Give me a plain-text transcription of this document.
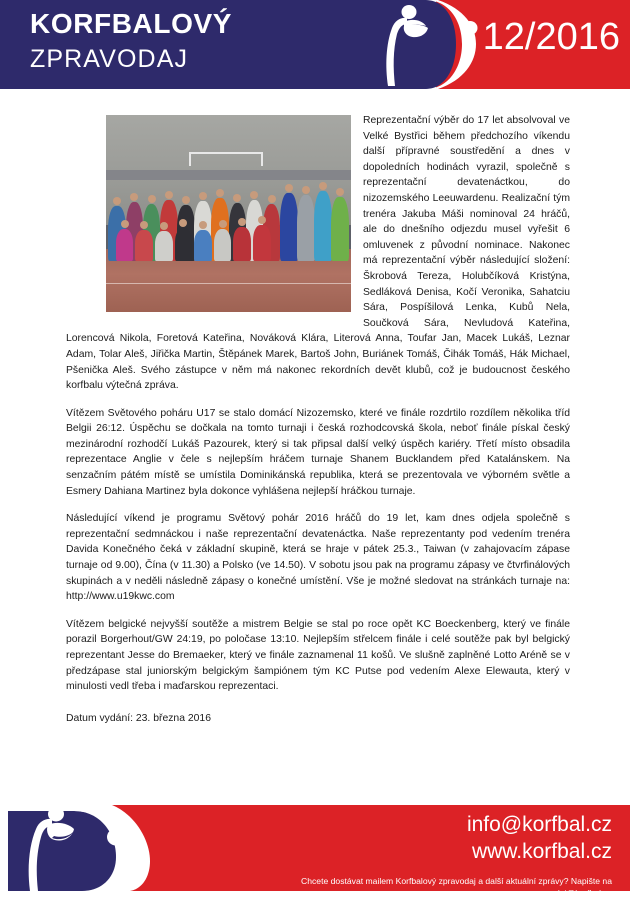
KORFBALOVÝ
ZPRAVODAJ
12/2016

Reprezentační výběr do 17 let absolvoval ve Velké Bystřici během předchozího víkendu další přípravné soustředění a dnes v dopoledních hodinách vyrazil, společně s reprezentační devatenáctkou, do nizozemského Leeuwardenu. Realizační tým trenéra Jakuba Máši nominoval 24 hráčů, ale do dnešního odjezdu musel vyřešit 6 omluvenek z původní nominace. Nakonec má reprezentační výběr následující složení: Škrobová Tereza, Holubčíková Kristýna, Sedláková Denisa, Kočí Veronika, Sahatciu Sára, Pospíšilová Lenka, Kubů Nela, Součková Sára, Nevludová Kateřina, Lorencová Nikola, Foretová Kateřina, Nováková Klára, Literová Anna, Toufar Jan, Macek Lukáš, Leznar Adam, Tolar Aleš, Jiřička Martin, Štěpánek Marek, Bartoš John, Buriánek Tomáš, Čihák Tomáš, Hák Michael, Pšenička Aleš. Svého zástupce v něm má nakonec rekordních devět klubů, což je budoucnost českého korfbalu výtečná zpráva.

Vítězem Světového poháru U17 se stalo domácí Nizozemsko, které ve finále rozdrtilo rozdílem několika tříd Belgii 26:12. Úspěchu se dočkala na tomto turnaji i česká rozhodcovská škola, neboť finále pískal český mezinárodní rozhodčí Lukáš Pazourek, který si tak připsal další velký úspěch kariéry. Třetí místo obsadila reprezentace Anglie v čele s nejlepším hráčem turnaje Shanem Bucklandem před Katalánskem. Na senzačním pátém místě se umístila Dominikánská republika, která se prezentovala ve výborném světle a Esmery Dahiana Martinez byla dokonce vyhlášena nejlepší hráčkou turnaje.

Následující víkend je programu Světový pohár 2016 hráčů do 19 let, kam dnes odjela společně s reprezentační sedmnáckou i naše reprezentační devatenáctka. Naše reprezentanty pod vedením trenéra Davida Konečného čeká v základní skupině, která se hraje v pátek 25.3., Taiwan (v zahajovacím zápase turnaje od 9.00), Čína (v 11.30) a Polsko (ve 14.50). V sobotu jsou pak na programu zápasy ve čtvrfinálových skupinách a v neděli následně zápasy o konečné umístění. Vše je možné sledovat na stránkách turnaje na: http://www.u19kwc.com

Vítězem belgické nejvyšší soutěže a mistrem Belgie se stal po roce opět KC Boeckenberg, který ve finále porazil Borgerhout/GW 24:19, po poločase 13:10. Nejlepším střelcem finále i celé soutěže pak byl belgický reprezentant Jesse do Bremaeker, který ve finále zaznamenal 11 košů. Ve slušně zaplněné Lotto Aréně se v předzápase stal juniorským belgickým šampiónem tým KC Putse pod vedením Alexe Elewauta, který v minulosti vedl třeba i maďarskou reprezentaci.

Datum vydání: 23. března 2016

info@korfbal.cz
www.korfbal.cz
Chcete dostávat mailem Korfbalový zpravodaj a další aktuální zprávy? Napište na
zpravodaj@korfbal.cz
